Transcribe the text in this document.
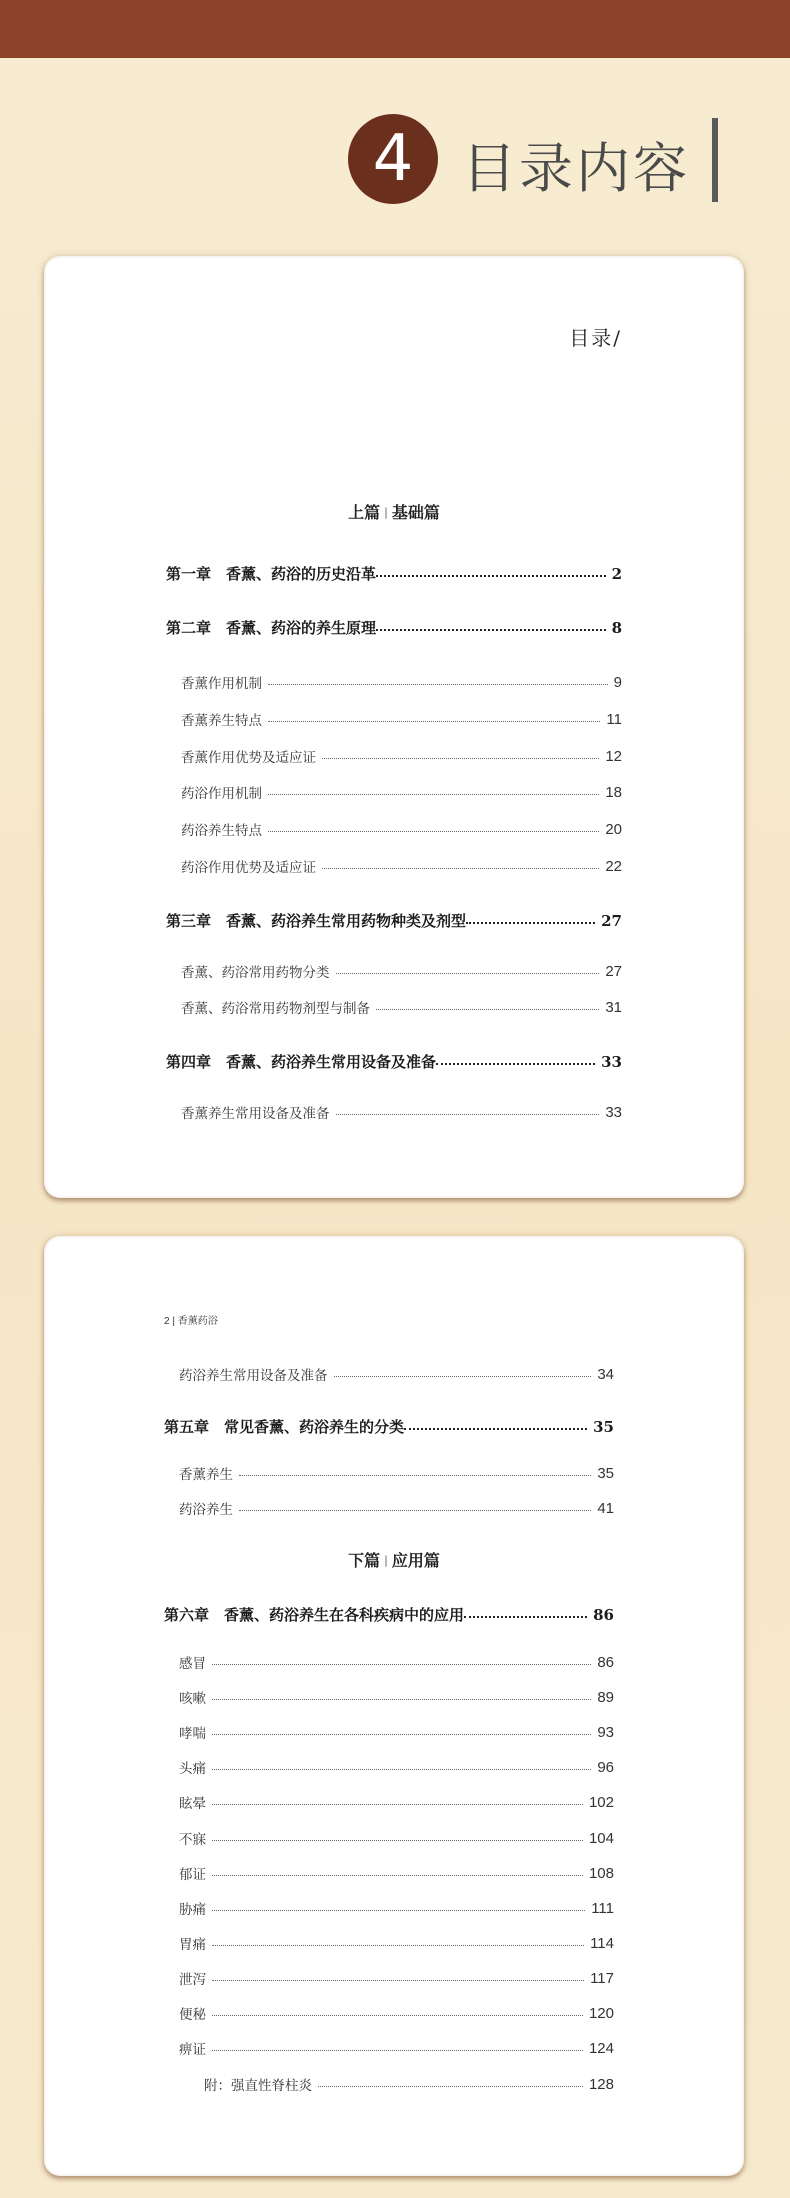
4 目录内容
目录/
上篇 | 基础篇
第一章　香薰、药浴的历史沿革	2
第二章　香薰、药浴的养生原理	8
香薰作用机制	9
香薰养生特点	11
香薰作用优势及适应证	12
药浴作用机制	18
药浴养生特点	20
药浴作用优势及适应证	22
第三章　香薰、药浴养生常用药物种类及剂型	27
香薰、药浴常用药物分类	27
香薰、药浴常用药物剂型与制备	31
第四章　香薰、药浴养生常用设备及准备	33
香薰养生常用设备及准备	33
2 | 香薰药浴
下篇 | 应用篇
药浴养生常用设备及准备	34
第五章　常见香薰、药浴养生的分类	35
香薰养生	35
药浴养生	41
第六章　香薰、药浴养生在各科疾病中的应用	86
感冒	86
咳嗽	89
哮喘	93
头痛	96
眩晕	102
不寐	104
郁证	108
胁痛	111
胃痛	114
泄泻	117
便秘	120
痹证	124
附：强直性脊柱炎	128
